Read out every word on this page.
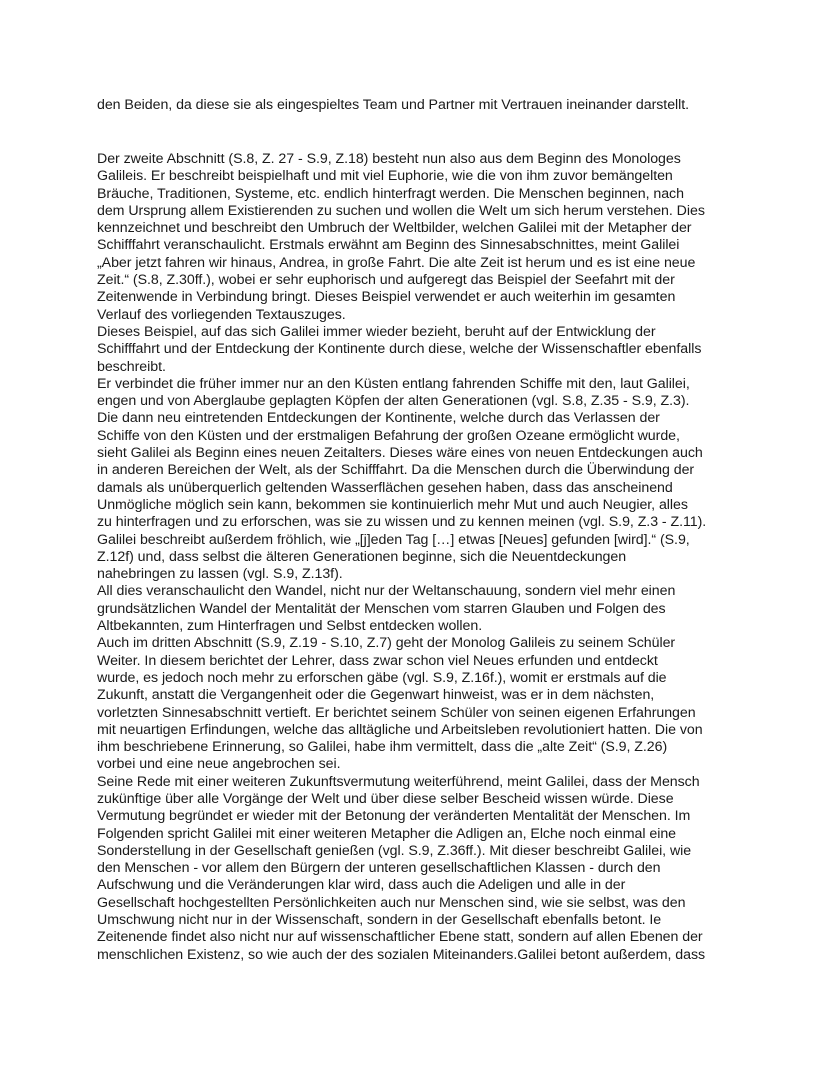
den Beiden, da diese sie als eingespieltes Team und Partner mit Vertrauen ineinander darstellt.
Der zweite Abschnitt (S.8, Z. 27 - S.9, Z.18) besteht nun also aus dem Beginn des Monologes
Galileis. Er beschreibt beispielhaft und mit viel Euphorie, wie die von ihm zuvor bemängelten
Bräuche, Traditionen, Systeme, etc. endlich hinterfragt werden. Die Menschen beginnen, nach
dem Ursprung allem Existierenden zu suchen und wollen die Welt um sich herum verstehen. Dies
kennzeichnet und beschreibt den Umbruch der Weltbilder, welchen Galilei mit der Metapher der
Schifffahrt veranschaulicht. Erstmals erwähnt am Beginn des Sinnesabschnittes, meint Galilei
„Aber jetzt fahren wir hinaus, Andrea, in große Fahrt. Die alte Zeit ist herum und es ist eine neue
Zeit.“ (S.8, Z.30ff.), wobei er sehr euphorisch und aufgeregt das Beispiel der Seefahrt mit der
Zeitenwende in Verbindung bringt. Dieses Beispiel verwendet er auch weiterhin im gesamten
Verlauf des vorliegenden Textauszuges.
Dieses Beispiel, auf das sich Galilei immer wieder bezieht, beruht auf der Entwicklung der
Schifffahrt und der Entdeckung der Kontinente durch diese, welche der Wissenschaftler ebenfalls
beschreibt.
Er verbindet die früher immer nur an den Küsten entlang fahrenden Schiffe mit den, laut Galilei,
engen und von Aberglaube geplagten Köpfen der alten Generationen (vgl. S.8, Z.35 - S.9, Z.3).
Die dann neu eintretenden Entdeckungen der Kontinente, welche durch das Verlassen der
Schiffe von den Küsten und der erstmaligen Befahrung der großen Ozeane ermöglicht wurde,
sieht Galilei als Beginn eines neuen Zeitalters. Dieses wäre eines von neuen Entdeckungen auch
in anderen Bereichen der Welt, als der Schifffahrt. Da die Menschen durch die Überwindung der
damals als unüberquerlich geltenden Wasserflächen gesehen haben, dass das anscheinend
Unmögliche möglich sein kann, bekommen sie kontinuierlich mehr Mut und auch Neugier, alles
zu hinterfragen und zu erforschen, was sie zu wissen und zu kennen meinen (vgl. S.9, Z.3 - Z.11).
Galilei beschreibt außerdem fröhlich, wie „[j]eden Tag […] etwas [Neues] gefunden [wird].“ (S.9,
Z.12f) und, dass selbst die älteren Generationen beginne, sich die Neuentdeckungen
nahebringen zu lassen (vgl. S.9, Z.13f).
All dies veranschaulicht den Wandel, nicht nur der Weltanschauung, sondern viel mehr einen
grundsätzlichen Wandel der Mentalität der Menschen vom starren Glauben und Folgen des
Altbekannten, zum Hinterfragen und Selbst entdecken wollen.
Auch im dritten Abschnitt (S.9, Z.19 - S.10, Z.7) geht der Monolog Galileis zu seinem Schüler
Weiter. In diesem berichtet der Lehrer, dass zwar schon viel Neues erfunden und entdeckt
wurde, es jedoch noch mehr zu erforschen gäbe (vgl. S.9, Z.16f.), womit er erstmals auf die
Zukunft, anstatt die Vergangenheit oder die Gegenwart hinweist, was er in dem nächsten,
vorletzten Sinnesabschnitt vertieft. Er berichtet seinem Schüler von seinen eigenen Erfahrungen
mit neuartigen Erfindungen, welche das alltägliche und Arbeitsleben revolutioniert hatten. Die von
ihm beschriebene Erinnerung, so Galilei, habe ihm vermittelt, dass die „alte Zeit“ (S.9, Z.26)
vorbei und eine neue angebrochen sei.
Seine Rede mit einer weiteren Zukunftsvermutung weiterführend, meint Galilei, dass der Mensch
zukünftige über alle Vorgänge der Welt und über diese selber Bescheid wissen würde. Diese
Vermutung begründet er wieder mit der Betonung der veränderten Mentalität der Menschen. Im
Folgenden spricht Galilei mit einer weiteren Metapher die Adligen an, Elche noch einmal eine
Sonderstellung in der Gesellschaft genießen (vgl. S.9, Z.36ff.). Mit dieser beschreibt Galilei, wie
den Menschen - vor allem den Bürgern der unteren gesellschaftlichen Klassen - durch den
Aufschwung und die Veränderungen klar wird, dass auch die Adeligen und alle in der
Gesellschaft hochgestellten Persönlichkeiten auch nur Menschen sind, wie sie selbst, was den
Umschwung nicht nur in der Wissenschaft, sondern in der Gesellschaft ebenfalls betont. Ie
Zeitenende findet also nicht nur auf wissenschaftlicher Ebene statt, sondern auf allen Ebenen der
menschlichen Existenz, so wie auch der des sozialen Miteinanders.Galilei betont außerdem, dass
